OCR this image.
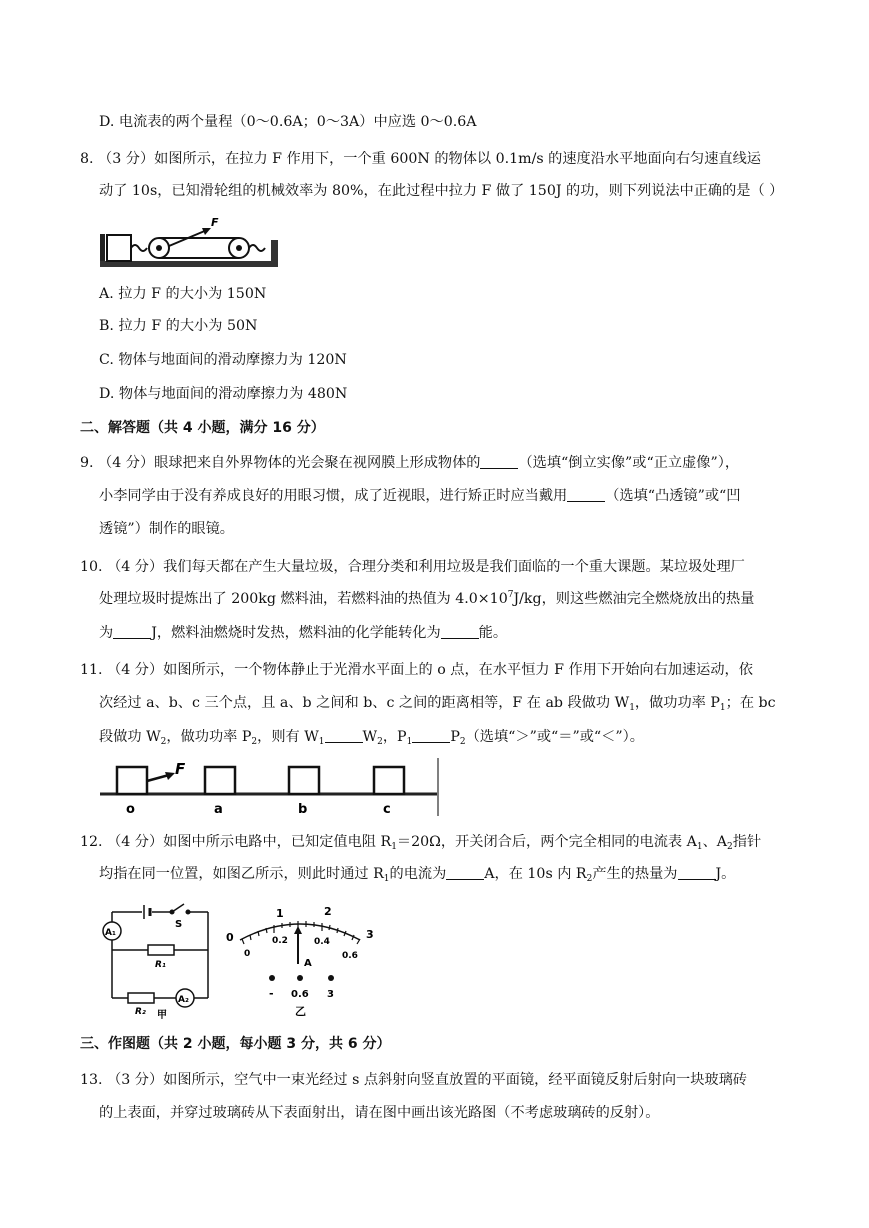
D. 电流表的两个量程（0～0.6A；0～3A）中应选 0～0.6A
8. （3 分）如图所示，在拉力 F 作用下，一个重 600N 的物体以 0.1m/s 的速度沿水平地面向右匀速直线运
动了 10s，已知滑轮组的机械效率为 80%，在此过程中拉力 F 做了 150J 的功，则下列说法中正确的是（ ）
F
A. 拉力 F 的大小为 150N
B. 拉力 F 的大小为 50N
C. 物体与地面间的滑动摩擦力为 120N
D. 物体与地面间的滑动摩擦力为 480N
二、解答题（共 4 小题，满分 16 分）
9. （4 分）眼球把来自外界物体的光会聚在视网膜上形成物体的	（选填“倒立实像”或“正立虚像”），
小李同学由于没有养成良好的用眼习惯，成了近视眼，进行矫正时应当戴用	（选填“凸透镜”或“凹
透镜”）制作的眼镜。
10. （4 分）我们每天都在产生大量垃圾，合理分类和利用垃圾是我们面临的一个重大课题。某垃圾处理厂
处理垃圾时提炼出了 200kg 燃料油，若燃料油的热值为 $4.0\times 10^7J/kg$，则这些燃油完全燃烧放出的热量
为	J，燃料油燃烧时发热，燃料油的化学能转化为	能。
11. （4 分）如图所示，一个物体静止于光滑水平面上的 o 点，在水平恒力 F 作用下开始向右加速运动，依
次经过 a、b、c 三个点，且 a、b 之间和 b、c 之间的距离相等，F 在 ab 段做功 $W_1$，做功功率 $P_1$；在 bc
段做功 $W_2$，做功功率 $P_2$，则有 $W_1$	$W_2$，$P_1$	$P_2$（选填“＞”或“＝”或“＜”）。
F
o	a	b	c
12. （4 分）如图中所示电路中，已知定值电阻 $R_1=20\Omega$，开关闭合后，两个完全相同的电流表 $A_1$、$A_2$指针
均指在同一位置，如图乙所示，则此时通过 $R_1$的电流为	A，在 10s 内 $R_2$产生的热量为	J。
S
A₁
R₁
R₂
A₂
甲
0
1	2
3
0
0.2	0.4
0.6
A
- 0.6 3
乙
三、作图题（共 2 小题，每小题 3 分，共 6 分）
13. （3 分）如图所示，空气中一束光经过 s 点斜射向竖直放置的平面镜，经平面镜反射后射向一块玻璃砖
的上表面，并穿过玻璃砖从下表面射出，请在图中画出该光路图（不考虑玻璃砖的反射）。
